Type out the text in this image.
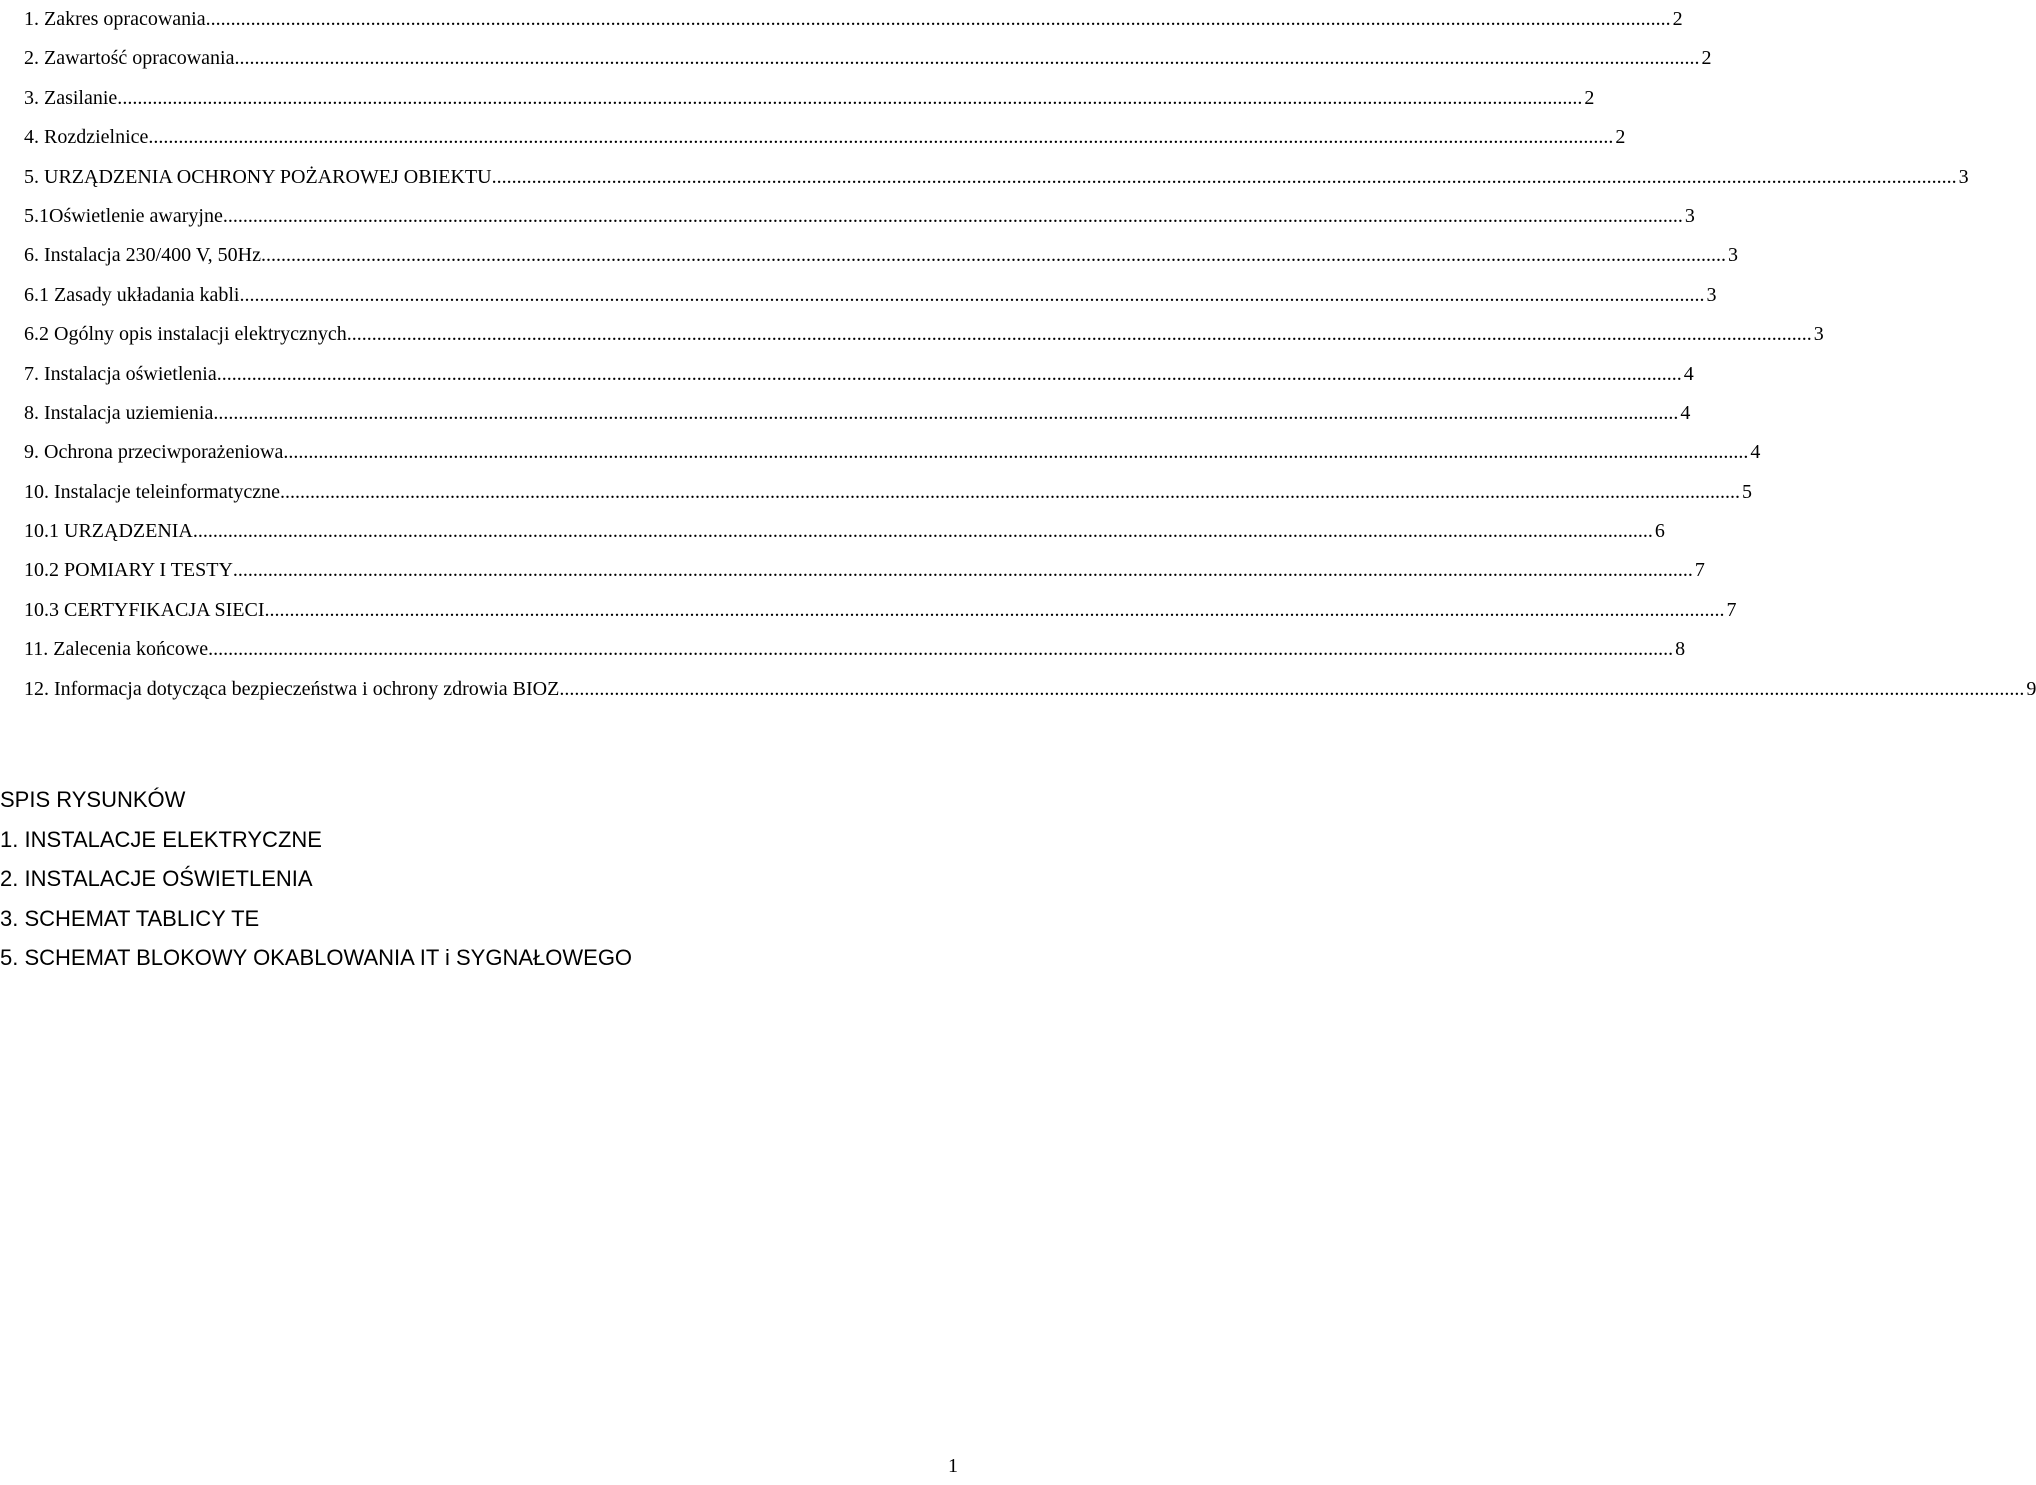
1. Zakres opracowania. .....	2
2. Zawartość opracowania. .....	2
3. Zasilanie. .....	2
4. Rozdzielnice. .....	2
5. URZĄDZENIA OCHRONY POŻAROWEJ OBIEKTU. .....	3
5.1Oświetlenie awaryjne .....	3
6. Instalacja 230/400 V, 50Hz. .....	3
6.1 Zasady układania kabli. .....	3
6.2 Ogólny opis instalacji elektrycznych. .....	3
7. Instalacja oświetlenia. .....	4
8. Instalacja uziemienia. .....	4
9. Ochrona przeciwporażeniowa. .....	4
10. Instalacje teleinformatyczne .....	5
10.1 URZĄDZENIA .....	6
10.2 POMIARY I TESTY .....	7
10.3 CERTYFIKACJA SIECI .....	7
11. Zalecenia końcowe. .....	8
12. Informacja dotycząca bezpieczeństwa i ochrony zdrowia BIOZ. .....	9
SPIS RYSUNKÓW
1. INSTALACJE ELEKTRYCZNE
2. INSTALACJE OŚWIETLENIA
3. SCHEMAT TABLICY TE
5. SCHEMAT BLOKOWY OKABLOWANIA IT i SYGNAŁOWEGO
1
